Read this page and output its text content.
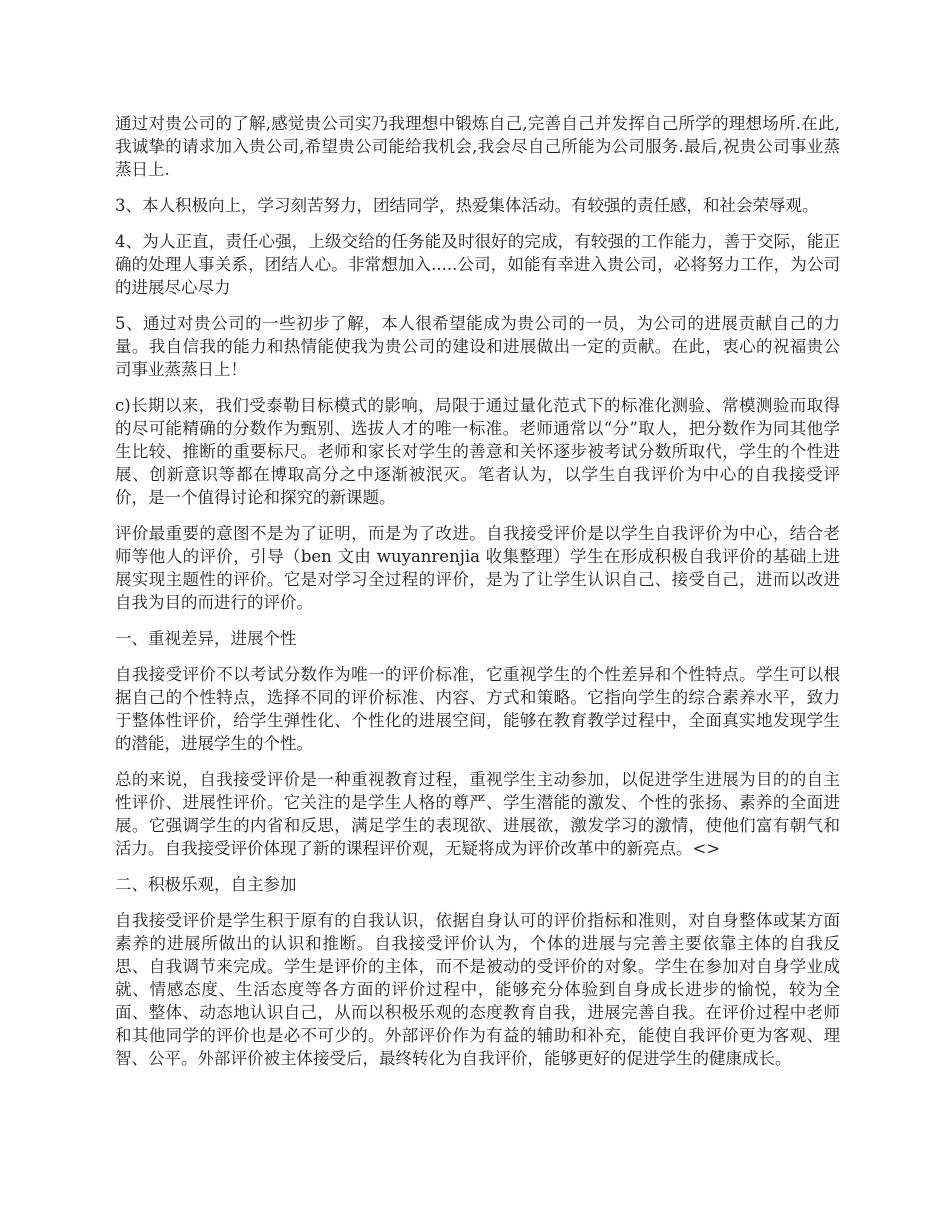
通过对贵公司的了解,感觉贵公司实乃我理想中锻炼自己,完善自己并发挥自己所学的理想场所.在此,我诚挚的请求加入贵公司,希望贵公司能给我机会,我会尽自己所能为公司服务.最后,祝贵公司事业蒸蒸日上.

3、本人积极向上，学习刻苦努力，团结同学，热爱集体活动。有较强的责任感，和社会荣辱观。

4、为人正直，责任心强，上级交给的任务能及时很好的完成，有较强的工作能力，善于交际，能正确的处理人事关系，团结人心。非常想加入.....公司，如能有幸进入贵公司，必将努力工作，为公司的进展尽心尽力

5、通过对贵公司的一些初步了解，本人很希望能成为贵公司的一员，为公司的进展贡献自己的力量。我自信我的能力和热情能使我为贵公司的建设和进展做出一定的贡献。在此，衷心的祝福贵公司事业蒸蒸日上！

c)长期以来，我们受泰勒目标模式的影响，局限于通过量化范式下的标准化测验、常模测验而取得的尽可能精确的分数作为甄别、选拔人才的唯一标准。老师通常以“分”取人，把分数作为同其他学生比较、推断的重要标尺。老师和家长对学生的善意和关怀逐步被考试分数所取代，学生的个性进展、创新意识等都在博取高分之中逐渐被泯灭。笔者认为，以学生自我评价为中心的自我接受评价，是一个值得讨论和探究的新课题。

评价最重要的意图不是为了证明，而是为了改进。自我接受评价是以学生自我评价为中心，结合老师等他人的评价，引导（ben 文由 wuyanrenjia 收集整理）学生在形成积极自我评价的基础上进展实现主题性的评价。它是对学习全过程的评价，是为了让学生认识自己、接受自己，进而以改进自我为目的而进行的评价。

一、重视差异，进展个性

自我接受评价不以考试分数作为唯一的评价标准，它重视学生的个性差异和个性特点。学生可以根据自己的个性特点，选择不同的评价标准、内容、方式和策略。它指向学生的综合素养水平，致力于整体性评价，给学生弹性化、个性化的进展空间，能够在教育教学过程中，全面真实地发现学生的潜能，进展学生的个性。

总的来说，自我接受评价是一种重视教育过程，重视学生主动参加，以促进学生进展为目的的自主性评价、进展性评价。它关注的是学生人格的尊严、学生潜能的激发、个性的张扬、素养的全面进展。它强调学生的内省和反思，满足学生的表现欲、进展欲，激发学习的激情，使他们富有朝气和活力。自我接受评价体现了新的课程评价观，无疑将成为评价改革中的新亮点。<>

二、积极乐观，自主参加

自我接受评价是学生积于原有的自我认识，依据自身认可的评价指标和准则，对自身整体或某方面素养的进展所做出的认识和推断。自我接受评价认为，个体的进展与完善主要依靠主体的自我反思、自我调节来完成。学生是评价的主体，而不是被动的受评价的对象。学生在参加对自身学业成就、情感态度、生活态度等各方面的评价过程中，能够充分体验到自身成长进步的愉悦，较为全面、整体、动态地认识自己，从而以积极乐观的态度教育自我，进展完善自我。在评价过程中老师和其他同学的评价也是必不可少的。外部评价作为有益的辅助和补充，能使自我评价更为客观、理智、公平。外部评价被主体接受后，最终转化为自我评价，能够更好的促进学生的健康成长。
